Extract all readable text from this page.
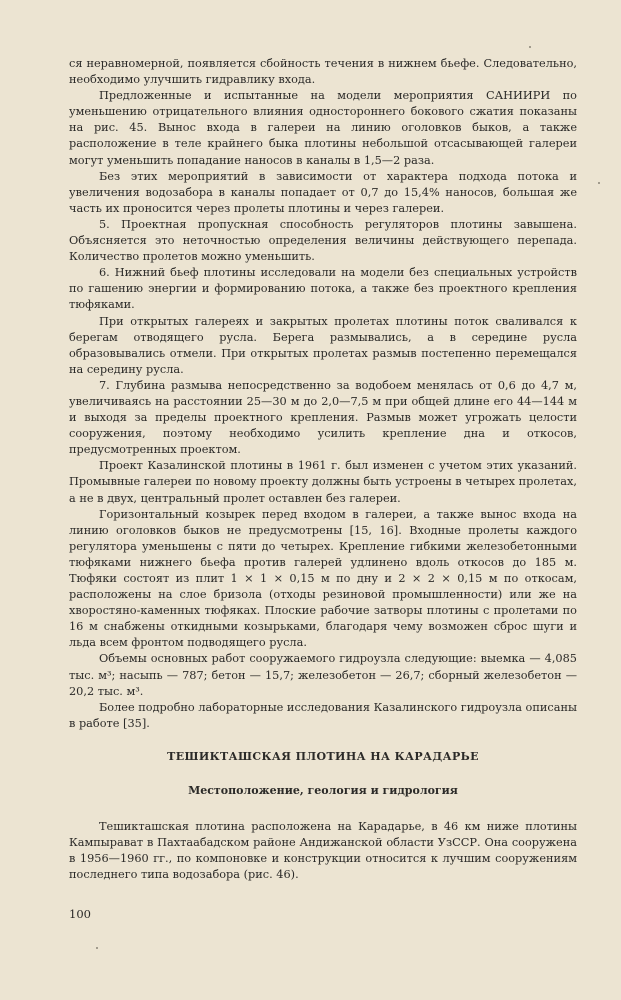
ся неравномерной, появляется сбойность течения в нижнем бьефе. Следовательно, необходимо улучшить гидравлику входа.

Предложенные и испытанные на модели мероприятия САНИИРИ по уменьшению отрицательного влияния одностороннего бокового сжатия показаны на рис. 45. Вынос входа в галереи на линию оголовков быков, а также расположение в теле крайнего быка плотины небольшой отсасывающей галереи могут уменьшить попадание наносов в каналы в 1,5—2 раза.

Без этих мероприятий в зависимости от характера подхода потока и увеличения водозабора в каналы попадает от 0,7 до 15,4% наносов, большая же часть их проносится через пролеты плотины и через галереи.

5. Проектная пропускная способность регуляторов плотины завышена. Объясняется это неточностью определения величины действующего перепада. Количество пролетов можно уменьшить.

6. Нижний бьеф плотины исследовали на модели без специальных устройств по гашению энергии и формированию потока, а также без проектного крепления тюфяками.

При открытых галереях и закрытых пролетах плотины поток сваливался к берегам отводящего русла. Берега размывались, а в середине русла образовывались отмели. При открытых пролетах размыв постепенно перемещался на середину русла.

7. Глубина размыва непосредственно за водобоем менялась от 0,6 до 4,7 м, увеличиваясь на расстоянии 25—30 м до 2,0—7,5 м при общей длине его 44—144 м и выходя за пределы проектного крепления. Размыв может угрожать целости сооружения, поэтому необходимо усилить крепление дна и откосов, предусмотренных проектом.

Проект Казалинской плотины в 1961 г. был изменен с учетом этих указаний. Промывные галереи по новому проекту должны быть устроены в четырех пролетах, а не в двух, центральный пролет оставлен без галереи.

Горизонтальный козырек перед входом в галереи, а также вынос входа на линию оголовков быков не предусмотрены [15, 16]. Входные пролеты каждого регулятора уменьшены с пяти до четырех. Крепление гибкими железобетонными тюфяками нижнего бьефа против галерей удлинено вдоль откосов до 185 м. Тюфяки состоят из плит 1 × 1 × 0,15 м по дну и 2 × 2 × 0,15 м по откосам, расположены на слое бризола (отходы резиновой промышленности) или же на хворостяно-каменных тюфяках. Плоские рабочие затворы плотины с пролетами по 16 м снабжены откидными козырьками, благодаря чему возможен сброс шуги и льда всем фронтом подводящего русла.

Объемы основных работ сооружаемого гидроузла следующие: выемка — 4,085 тыс. м³; насыпь — 787; бетон — 15,7; железобетон — 26,7; сборный железобетон — 20,2 тыс. м³.

Более подробно лабораторные исследования Казалинского гидроузла описаны в работе [35].

ТЕШИКТАШСКАЯ ПЛОТИНА НА КАРАДАРЬЕ
Местоположение, геология и гидрология

Тешикташская плотина расположена на Карадарье, в 46 км ниже плотины Кампырават в Пахтаабадском районе Андижанской области УзССР. Она сооружена в 1956—1960 гг., по компоновке и конструкции относится к лучшим сооружениям последнего типа водозабора (рис. 46).

100
